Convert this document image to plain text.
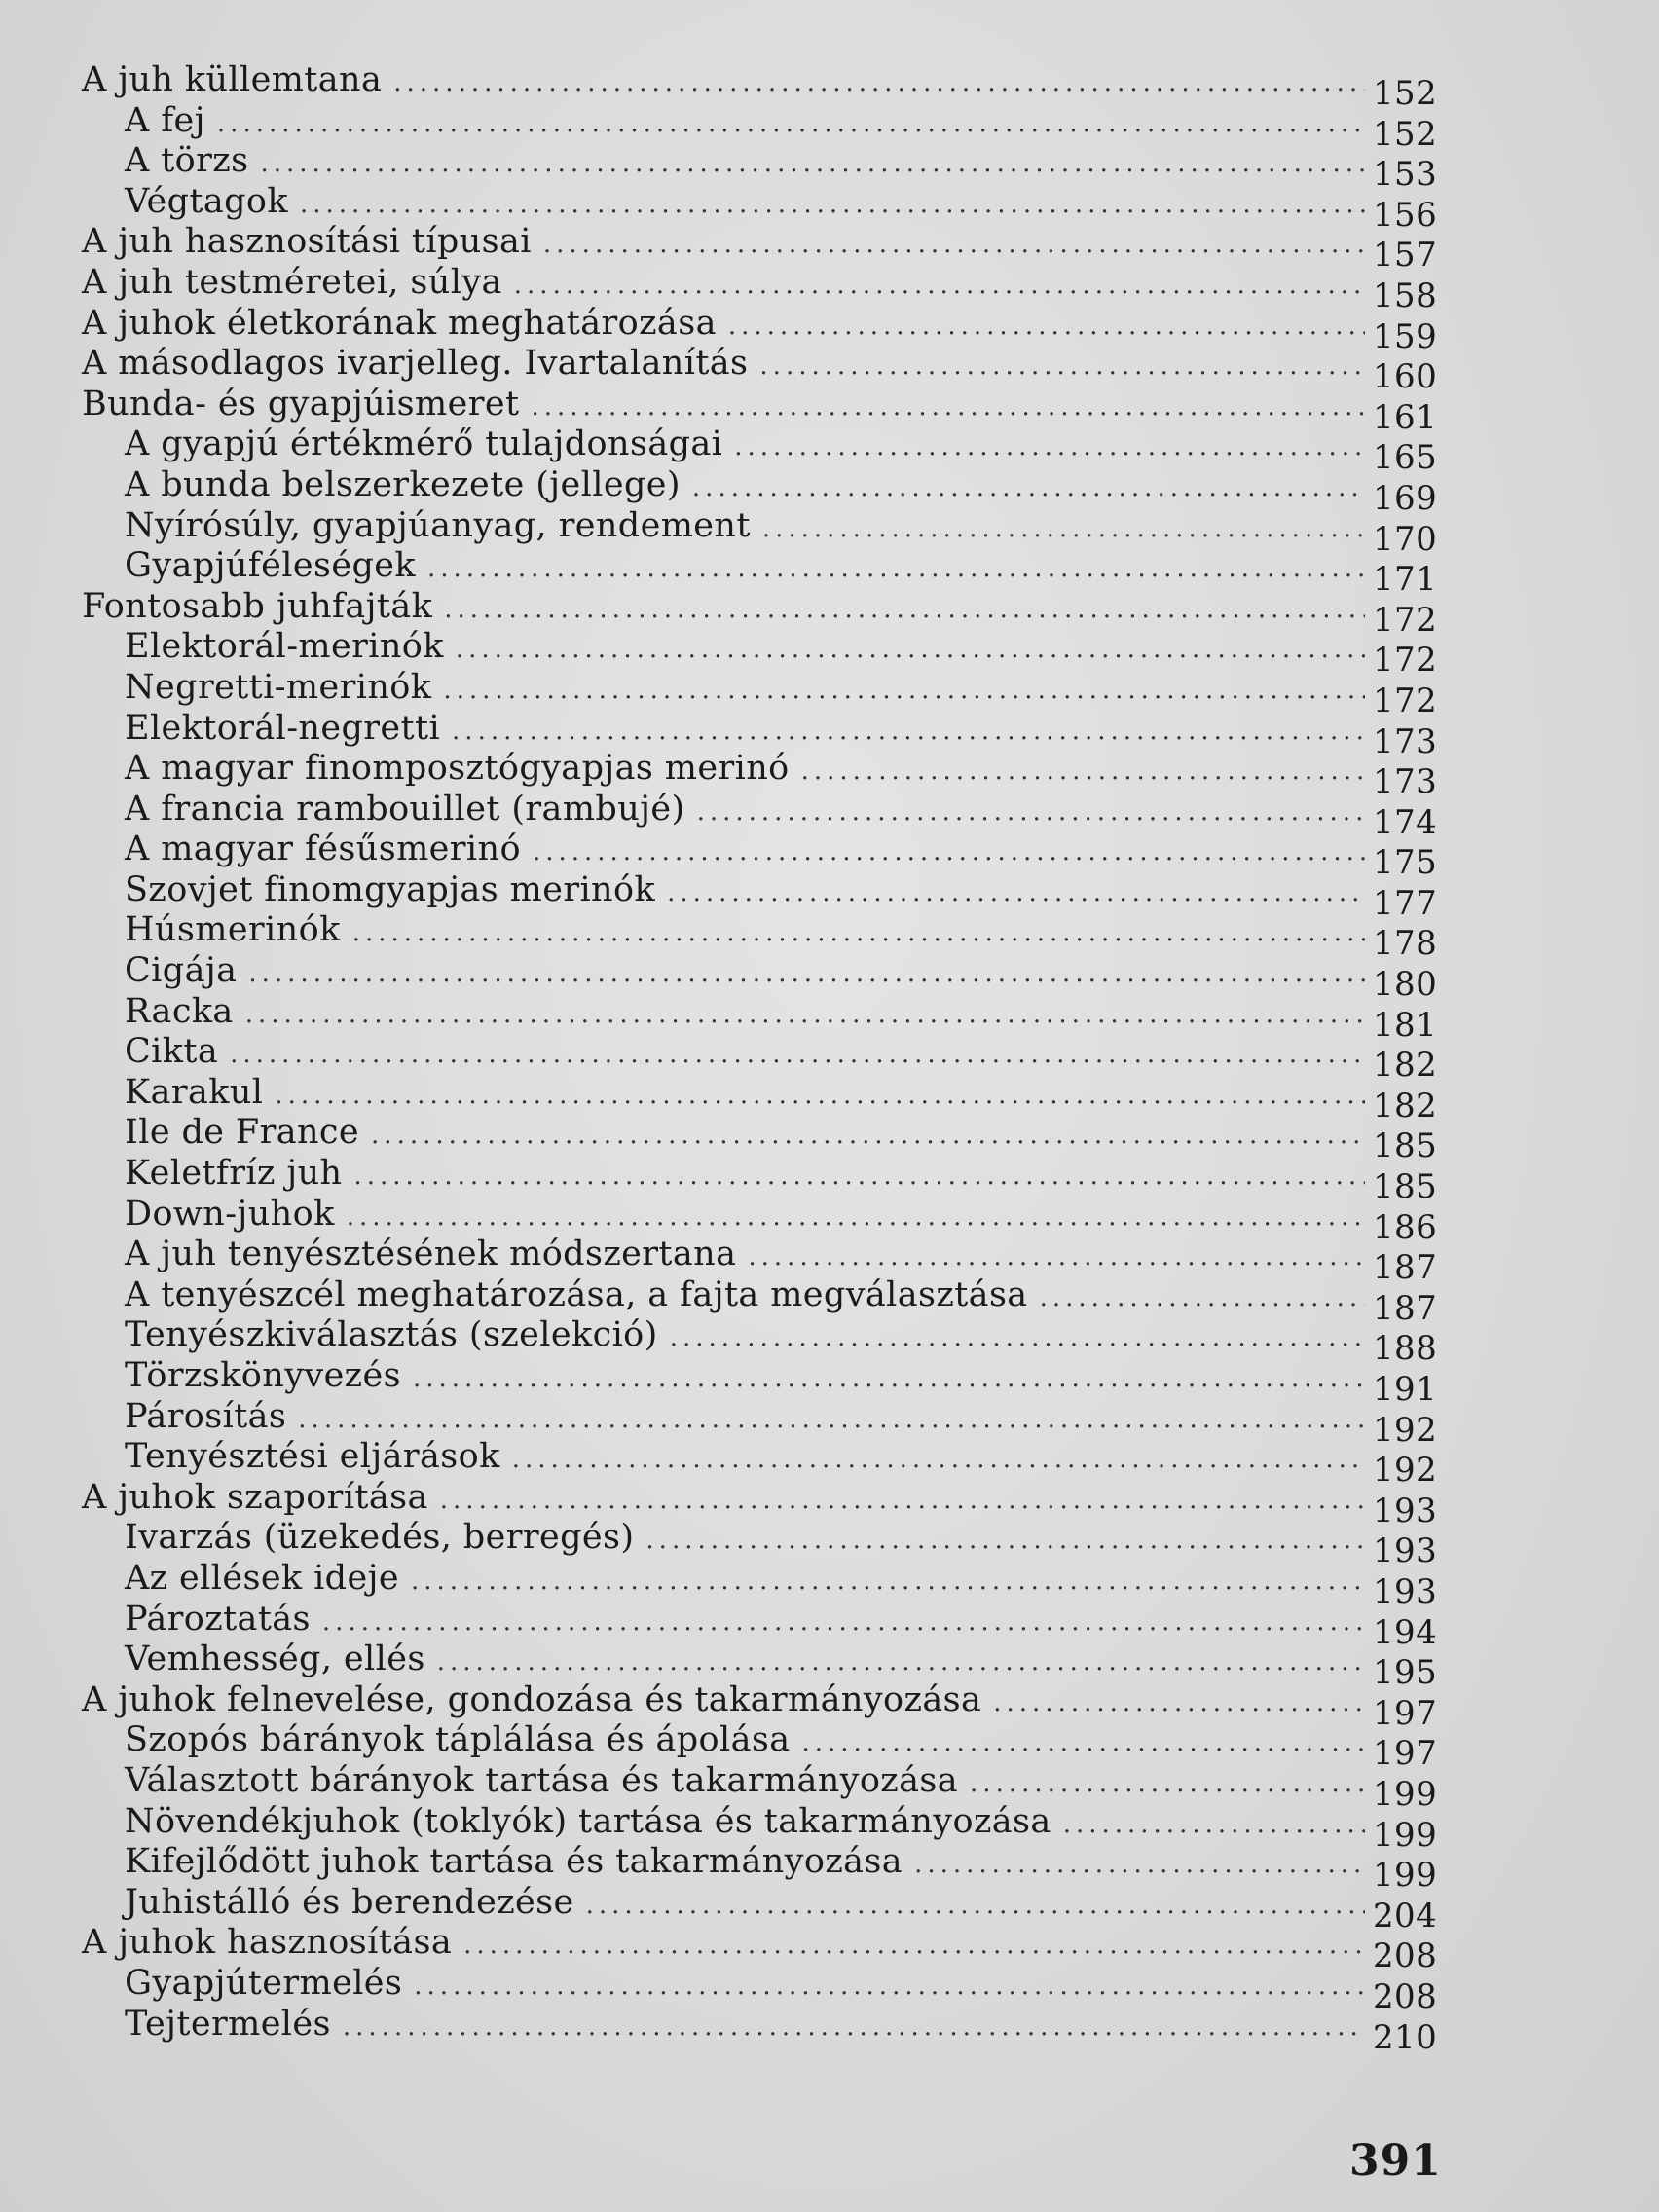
A juh küllemtana .....	152
A fej .....	152
A törzs .....	153
Végtagok .....	156
A juh hasznosítási típusai .....	157
A juh testméretei, súlya .....	158
A juhok életkorának meghatározása .....	159
A másodlagos ivarjelleg. Ivartalanítás .....	160
Bunda- és gyapjúismeret .....	161
A gyapjú értékmérő tulajdonságai .....	165
A bunda belszerkezete (jellege) .....	169
Nyírósúly, gyapjúanyag, rendement .....	170
Gyapjúféleségek .....	171
Fontosabb juhfajták .....	172
Elektorál-merinók .....	172
Negretti-merinók .....	172
Elektorál-negretti .....	173
A magyar finomposztógyapjas merinó .....	173
A francia rambouillet (rambujé) .....	174
A magyar fésűsmerinó .....	175
Szovjet finomgyapjas merinók .....	177
Húsmerinók .....	178
Cigája .....	180
Racka .....	181
Cikta .....	182
Karakul .....	182
Ile de France .....	185
Keletfríz juh .....	185
Down-juhok .....	186
A juh tenyésztésének módszertana .....	187
A tenyészcél meghatározása, a fajta megválasztása .....	187
Tenyészkiválasztás (szelekció) .....	188
Törzskönyvezés .....	191
Párosítás .....	192
Tenyésztési eljárások .....	192
A juhok szaporítása .....	193
Ivarzás (üzekedés, berregés) .....	193
Az ellések ideje .....	193
Pároztatás .....	194
Vemhesség, ellés .....	195
A juhok felnevelése, gondozása és takarmányozása .....	197
Szopós bárányok táplálása és ápolása .....	197
Választott bárányok tartása és takarmányozása .....	199
Növendékjuhok (toklyók) tartása és takarmányozása .....	199
Kifejlődött juhok tartása és takarmányozása .....	199
Juhistálló és berendezése .....	204
A juhok hasznosítása .....	208
Gyapjútermelés .....	208
Tejtermelés .....	210
391
